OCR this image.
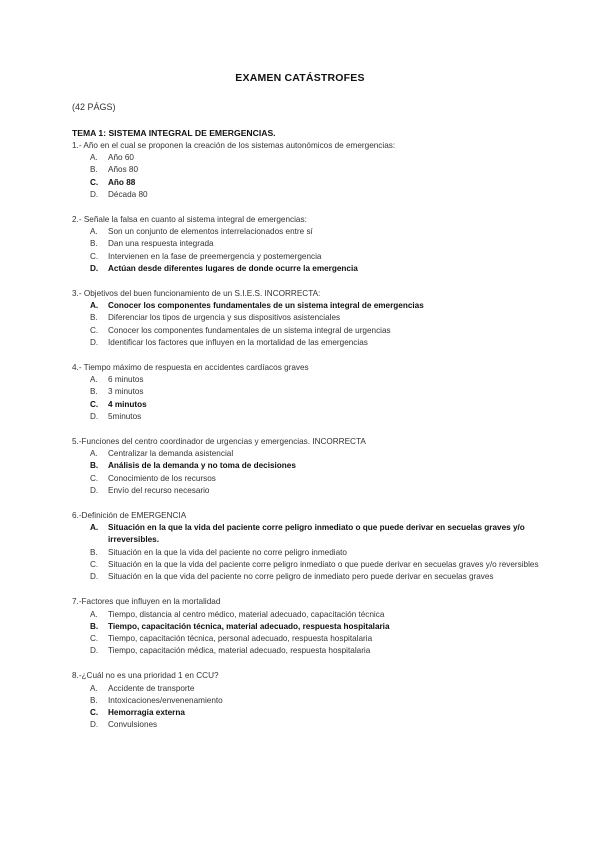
EXAMEN CATÁSTROFES
(42 PÁGS)
TEMA 1: SISTEMA INTEGRAL DE EMERGENCIAS.
1.- Año en el cual se proponen la creación de los sistemas autonómicos de emergencias:
A. Año 60
B. Años 80
C. Año 88
D. Década 80
2.- Señale la falsa en cuanto al sistema integral de emergencias:
A. Son un conjunto de elementos interrelacionados entre sí
B. Dan una respuesta integrada
C. Intervienen en la fase de preemergencia y postemergencia
D. Actúan desde diferentes lugares de donde ocurre la emergencia
3.- Objetivos del buen funcionamiento de un S.I.E.S. INCORRECTA:
A. Conocer los componentes fundamentales de un sistema integral de emergencias
B. Diferenciar los tipos de urgencia y sus dispositivos asistenciales
C. Conocer los componentes fundamentales de un sistema integral de urgencias
D. Identificar los factores que influyen en la mortalidad de las emergencias
4.- Tiempo máximo de respuesta en accidentes cardíacos graves
A. 6 minutos
B. 3 minutos
C. 4 minutos
D. 5minutos
5.-Funciones del centro coordinador de urgencias y emergencias. INCORRECTA
A. Centralizar la demanda asistencial
B. Análisis de la demanda y no toma de decisiones
C. Conocimiento de los recursos
D. Envío del recurso necesario
6.-Definición de EMERGENCIA
A. Situación en la que la vida del paciente corre peligro inmediato o que puede derivar en secuelas graves y/o irreversibles.
B. Situación en la que la vida del paciente no corre peligro inmediato
C. Situación en la que la vida del paciente corre peligro inmediato o que puede derivar en secuelas graves y/o reversibles
D. Situación en la que vida del paciente no corre peligro de inmediato pero puede derivar en secuelas graves
7.-Factores que influyen en la mortalidad
A. Tiempo, distancia al centro médico, material adecuado, capacitación técnica
B. Tiempo, capacitación técnica, material adecuado, respuesta hospitalaria
C. Tiempo, capacitación técnica, personal adecuado, respuesta hospitalaria
D. Tiempo, capacitación médica, material adecuado, respuesta hospitalaria
8.-¿Cuál no es una prioridad 1 en CCU?
A. Accidente de transporte
B. Intoxicaciones/envenenamiento
C. Hemorragia externa
D. Convulsiones
